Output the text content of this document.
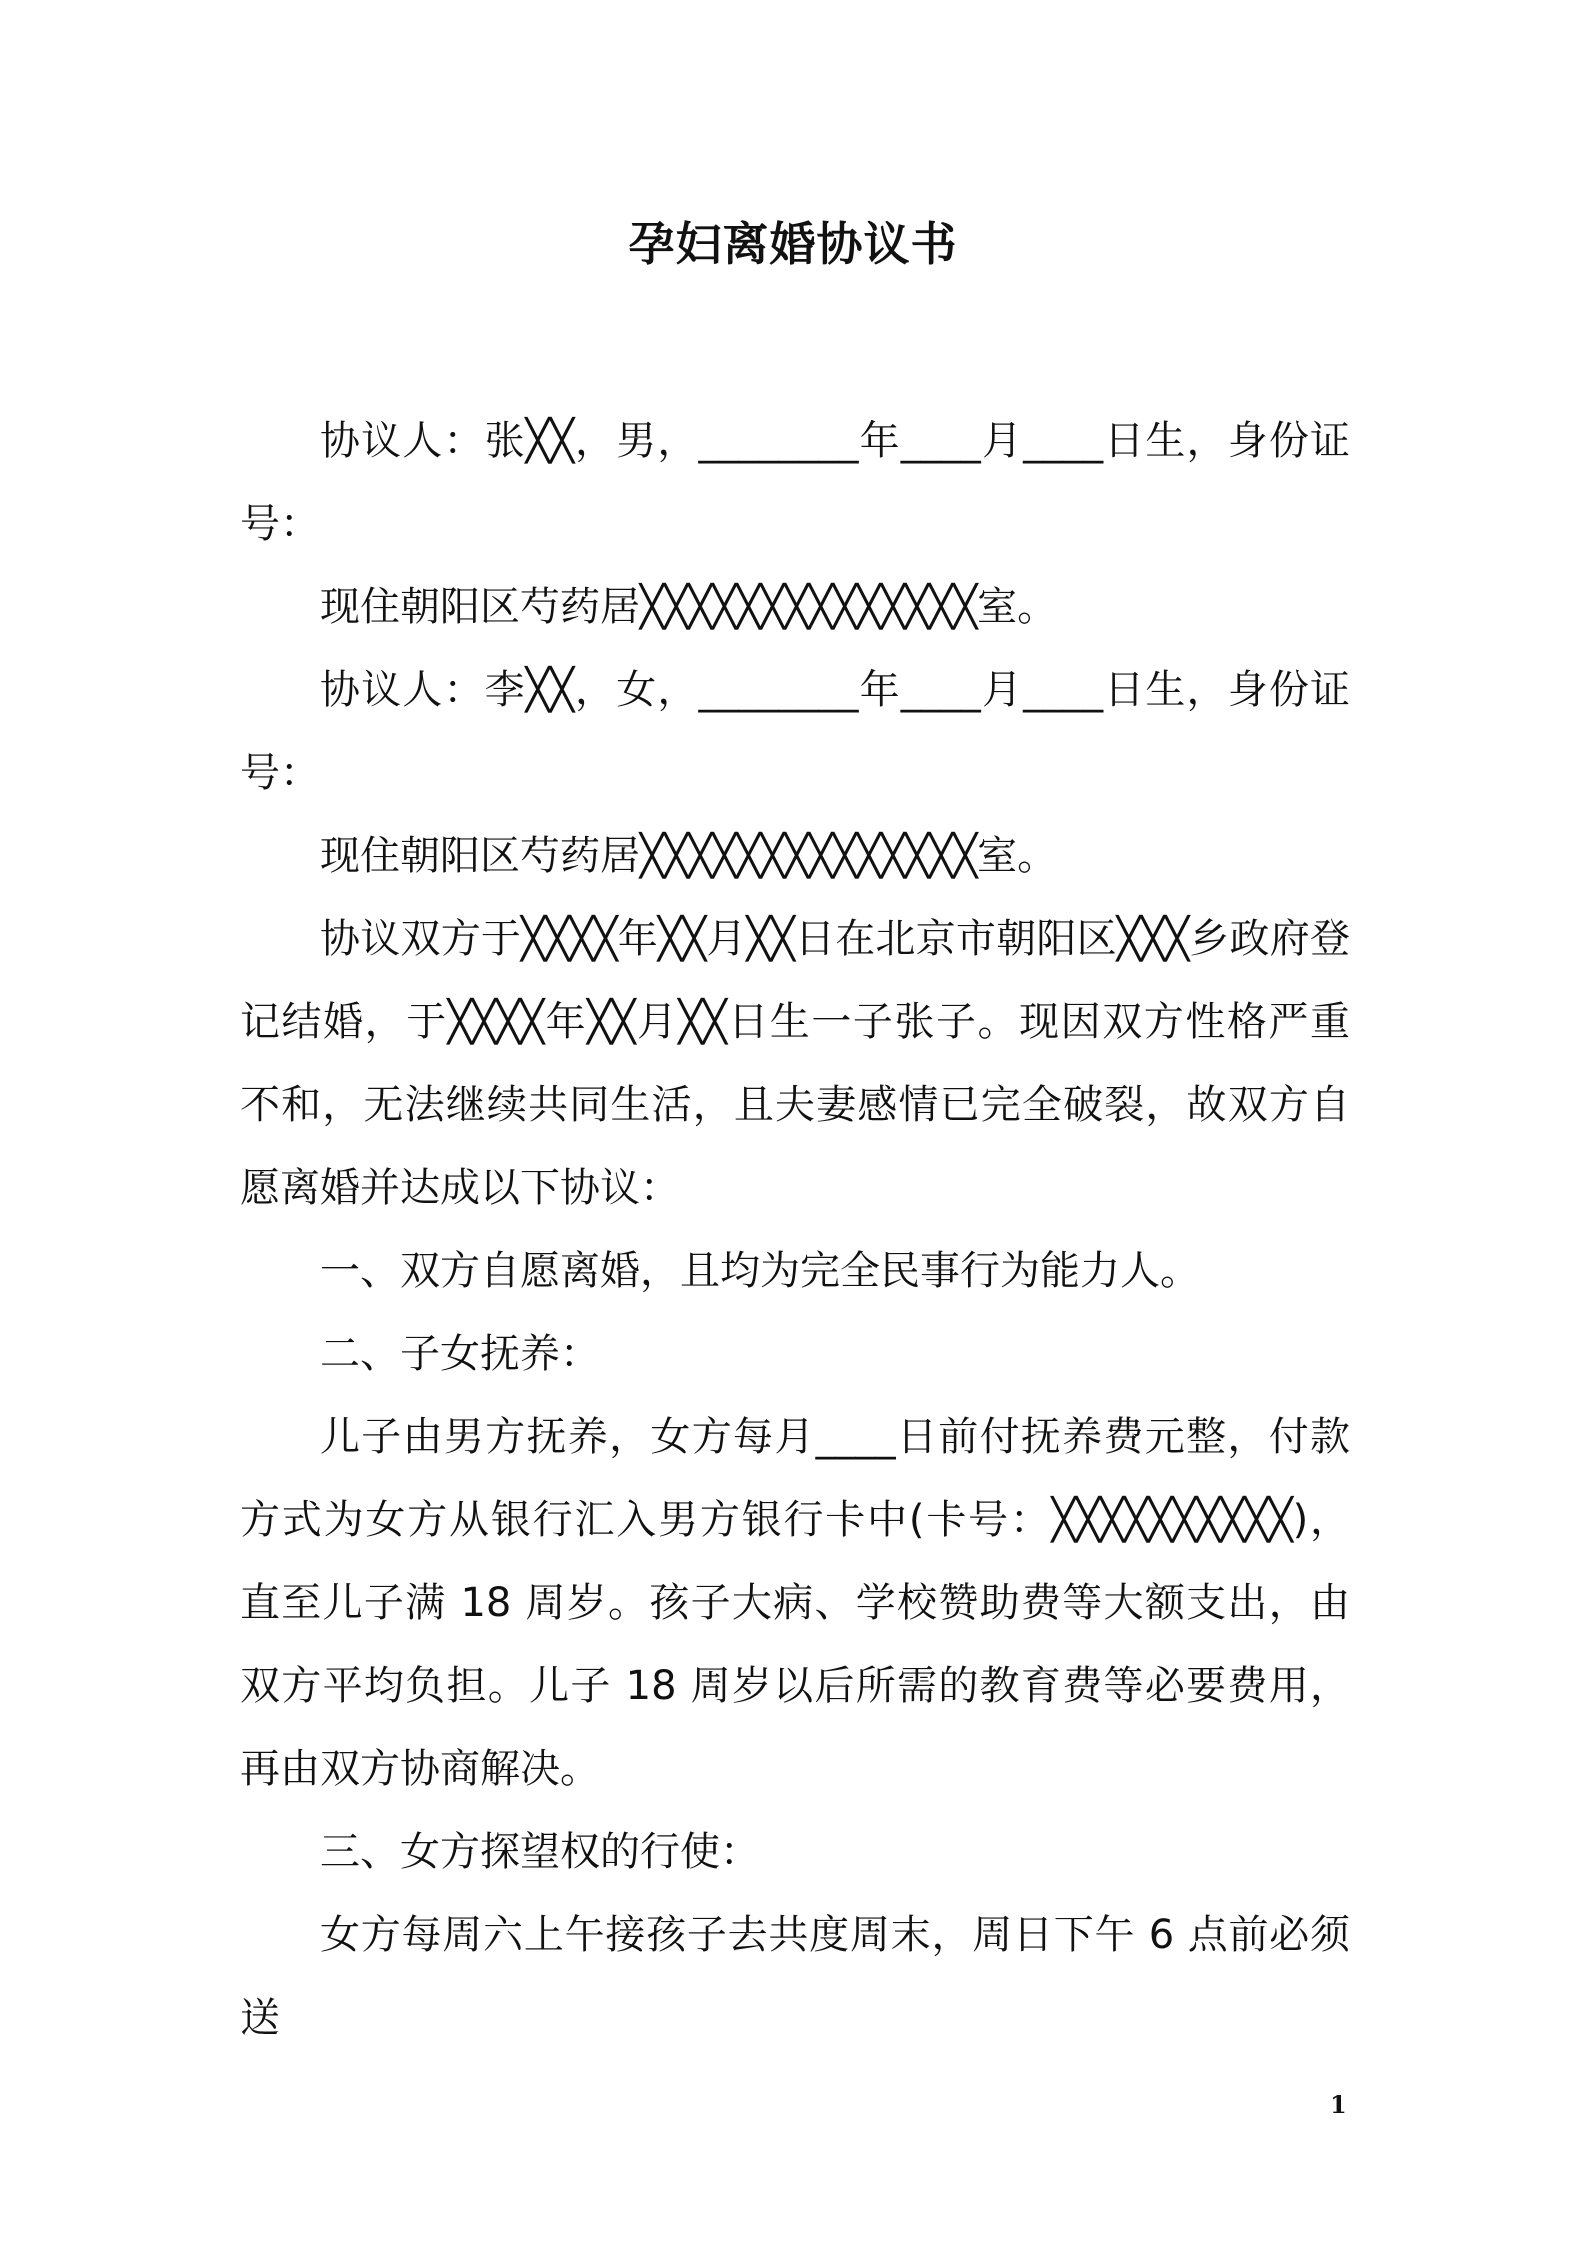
孕妇离婚协议书

协议人：张╳╳，男，________年____月____日生，身份证号：

现住朝阳区芍药居╳╳╳╳╳╳╳╳╳╳╳╳╳╳室。

协议人：李╳╳，女，________年____月____日生，身份证号：

现住朝阳区芍药居╳╳╳╳╳╳╳╳╳╳╳╳╳╳室。

协议双方于╳╳╳╳年╳╳月╳╳日在北京市朝阳区╳╳╳乡政府登记结婚，于╳╳╳╳年╳╳月╳╳日生一子张子。现因双方性格严重不和，无法继续共同生活，且夫妻感情已完全破裂，故双方自愿离婚并达成以下协议：

一、双方自愿离婚，且均为完全民事行为能力人。

二、子女抚养：

儿子由男方抚养，女方每月____日前付抚养费元整，付款方式为女方从银行汇入男方银行卡中(卡号：╳╳╳╳╳╳╳╳╳╳)，直至儿子满 18 周岁。孩子大病、学校赞助费等大额支出，由双方平均负担。儿子 18 周岁以后所需的教育费等必要费用，再由双方协商解决。

三、女方探望权的行使：

女方每周六上午接孩子去共度周末，周日下午 6 点前必须送

1
